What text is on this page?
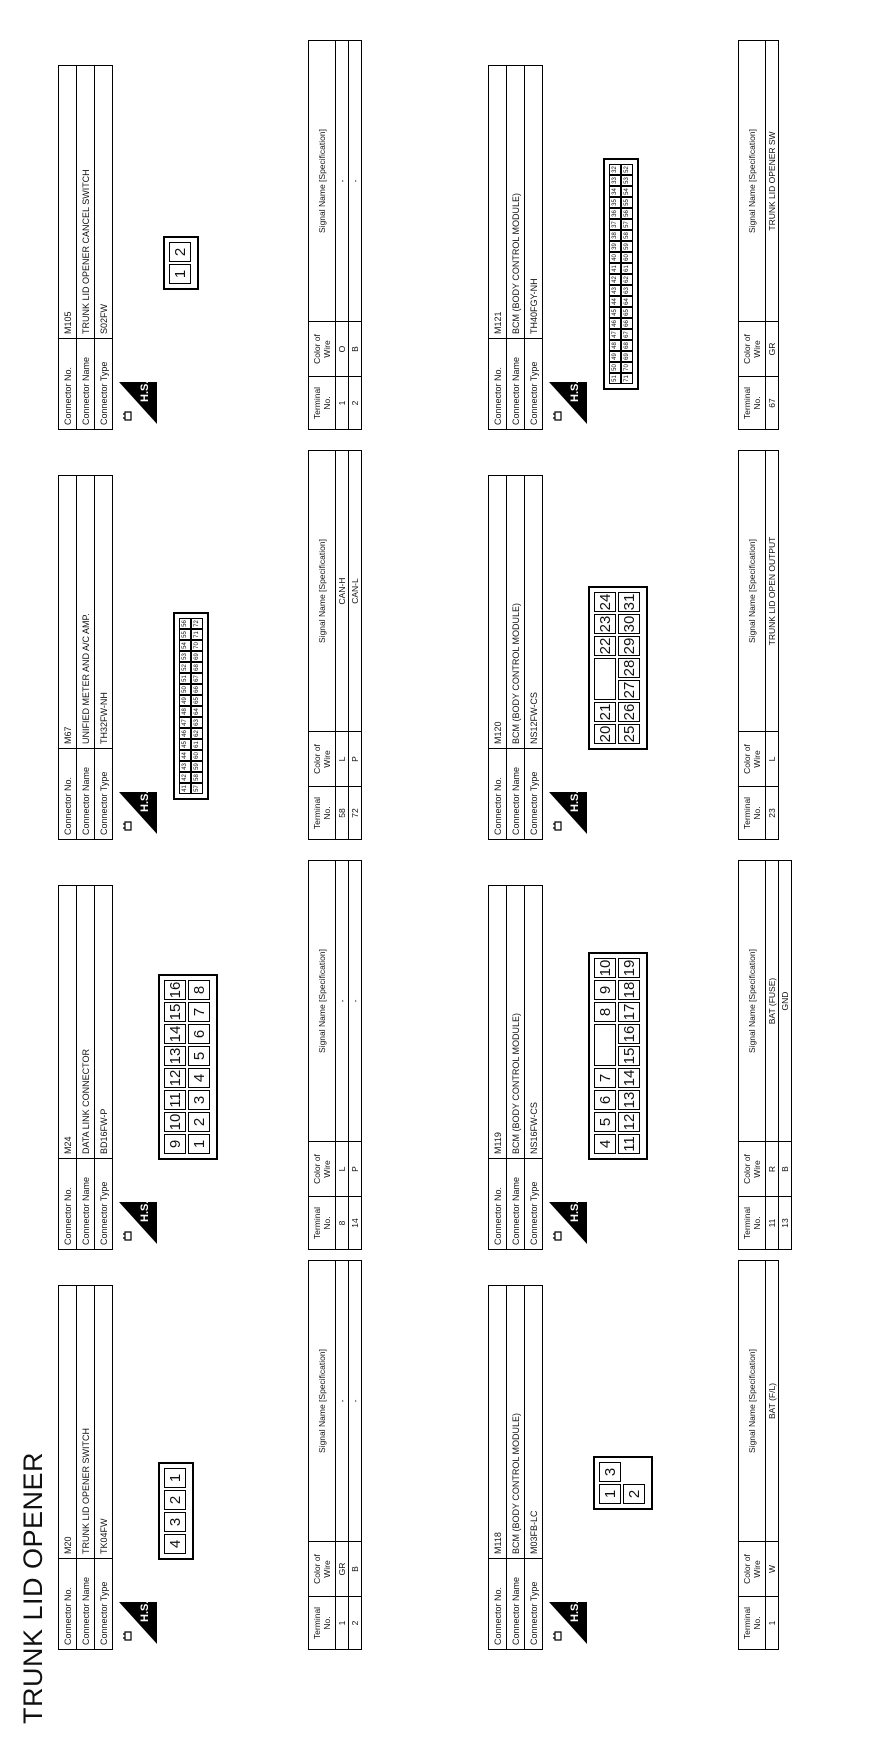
TRUNK LID OPENER Connector No.	M20
Connector Name	TRUNK LID OPENER SWITCH
Connector Type	TK04FW
H.S.
4
3
2
1
Terminal No.	Color of Wire	Signal Name [Specification]
1	GR	-
2	B	-
Connector No.	M24
Connector Name	DATA LINK CONNECTOR
Connector Type	BD16FW-P
H.S.
9
10
11
12
13
14
15
16
1
2
3
4
5
6
7
8
Terminal No.	Color of Wire	Signal Name [Specification]
8	L	-
14	P	-
Connector No.	M67
Connector Name	UNIFIED METER AND A/C AMP.
Connector Type	TH32FW-NH
H.S.
41
42
43
44
45
46
47
48
49
50
51
52
53
54
55
56
57
58
59
60
61
62
63
64
65
66
67
68
69
70
71
72
Terminal No.	Color of Wire	Signal Name [Specification]
58	L	CAN-H
72	P	CAN-L
Connector No.	M105
Connector Name	TRUNK LID OPENER CANCEL SWITCH
Connector Type	S02FW
H.S.
1
2
Terminal No.	Color of Wire	Signal Name [Specification]
1	O	-
2	B	-
Connector No.	M118
Connector Name	BCM (BODY CONTROL MODULE)
Connector Type	M03FB-LC
H.S.
1
3
2
Terminal No.	Color of Wire	Signal Name [Specification]
1	W	BAT (F/L)
Connector No.	M119
Connector Name	BCM (BODY CONTROL MODULE)
Connector Type	NS16FW-CS
H.S.
4
5
6
7
8
9
10
11
12
13
14
15
16
17
18
19
Terminal No.	Color of Wire	Signal Name [Specification]
11	R	BAT (FUSE)
13	B	GND
Connector No.	M120
Connector Name	BCM (BODY CONTROL MODULE)
Connector Type	NS12FW-CS
H.S.
20
21
22
23
24
25
26
27
28
29
30
31
Terminal No.	Color of Wire	Signal Name [Specification]
23	L	TRUNK LID OPEN OUTPUT
Connector No.	M121
Connector Name	BCM (BODY CONTROL MODULE)
Connector Type	TH40FGY-NH
H.S.
51
50
49
48
47
46
45
44
43
42
41
40
39
38
37
36
35
34
33
32
71
70
69
68
67
66
65
64
63
62
61
60
59
58
57
56
55
54
53
52
Terminal No.	Color of Wire	Signal Name [Specification]
67	GR	TRUNK LID OPENER SW
